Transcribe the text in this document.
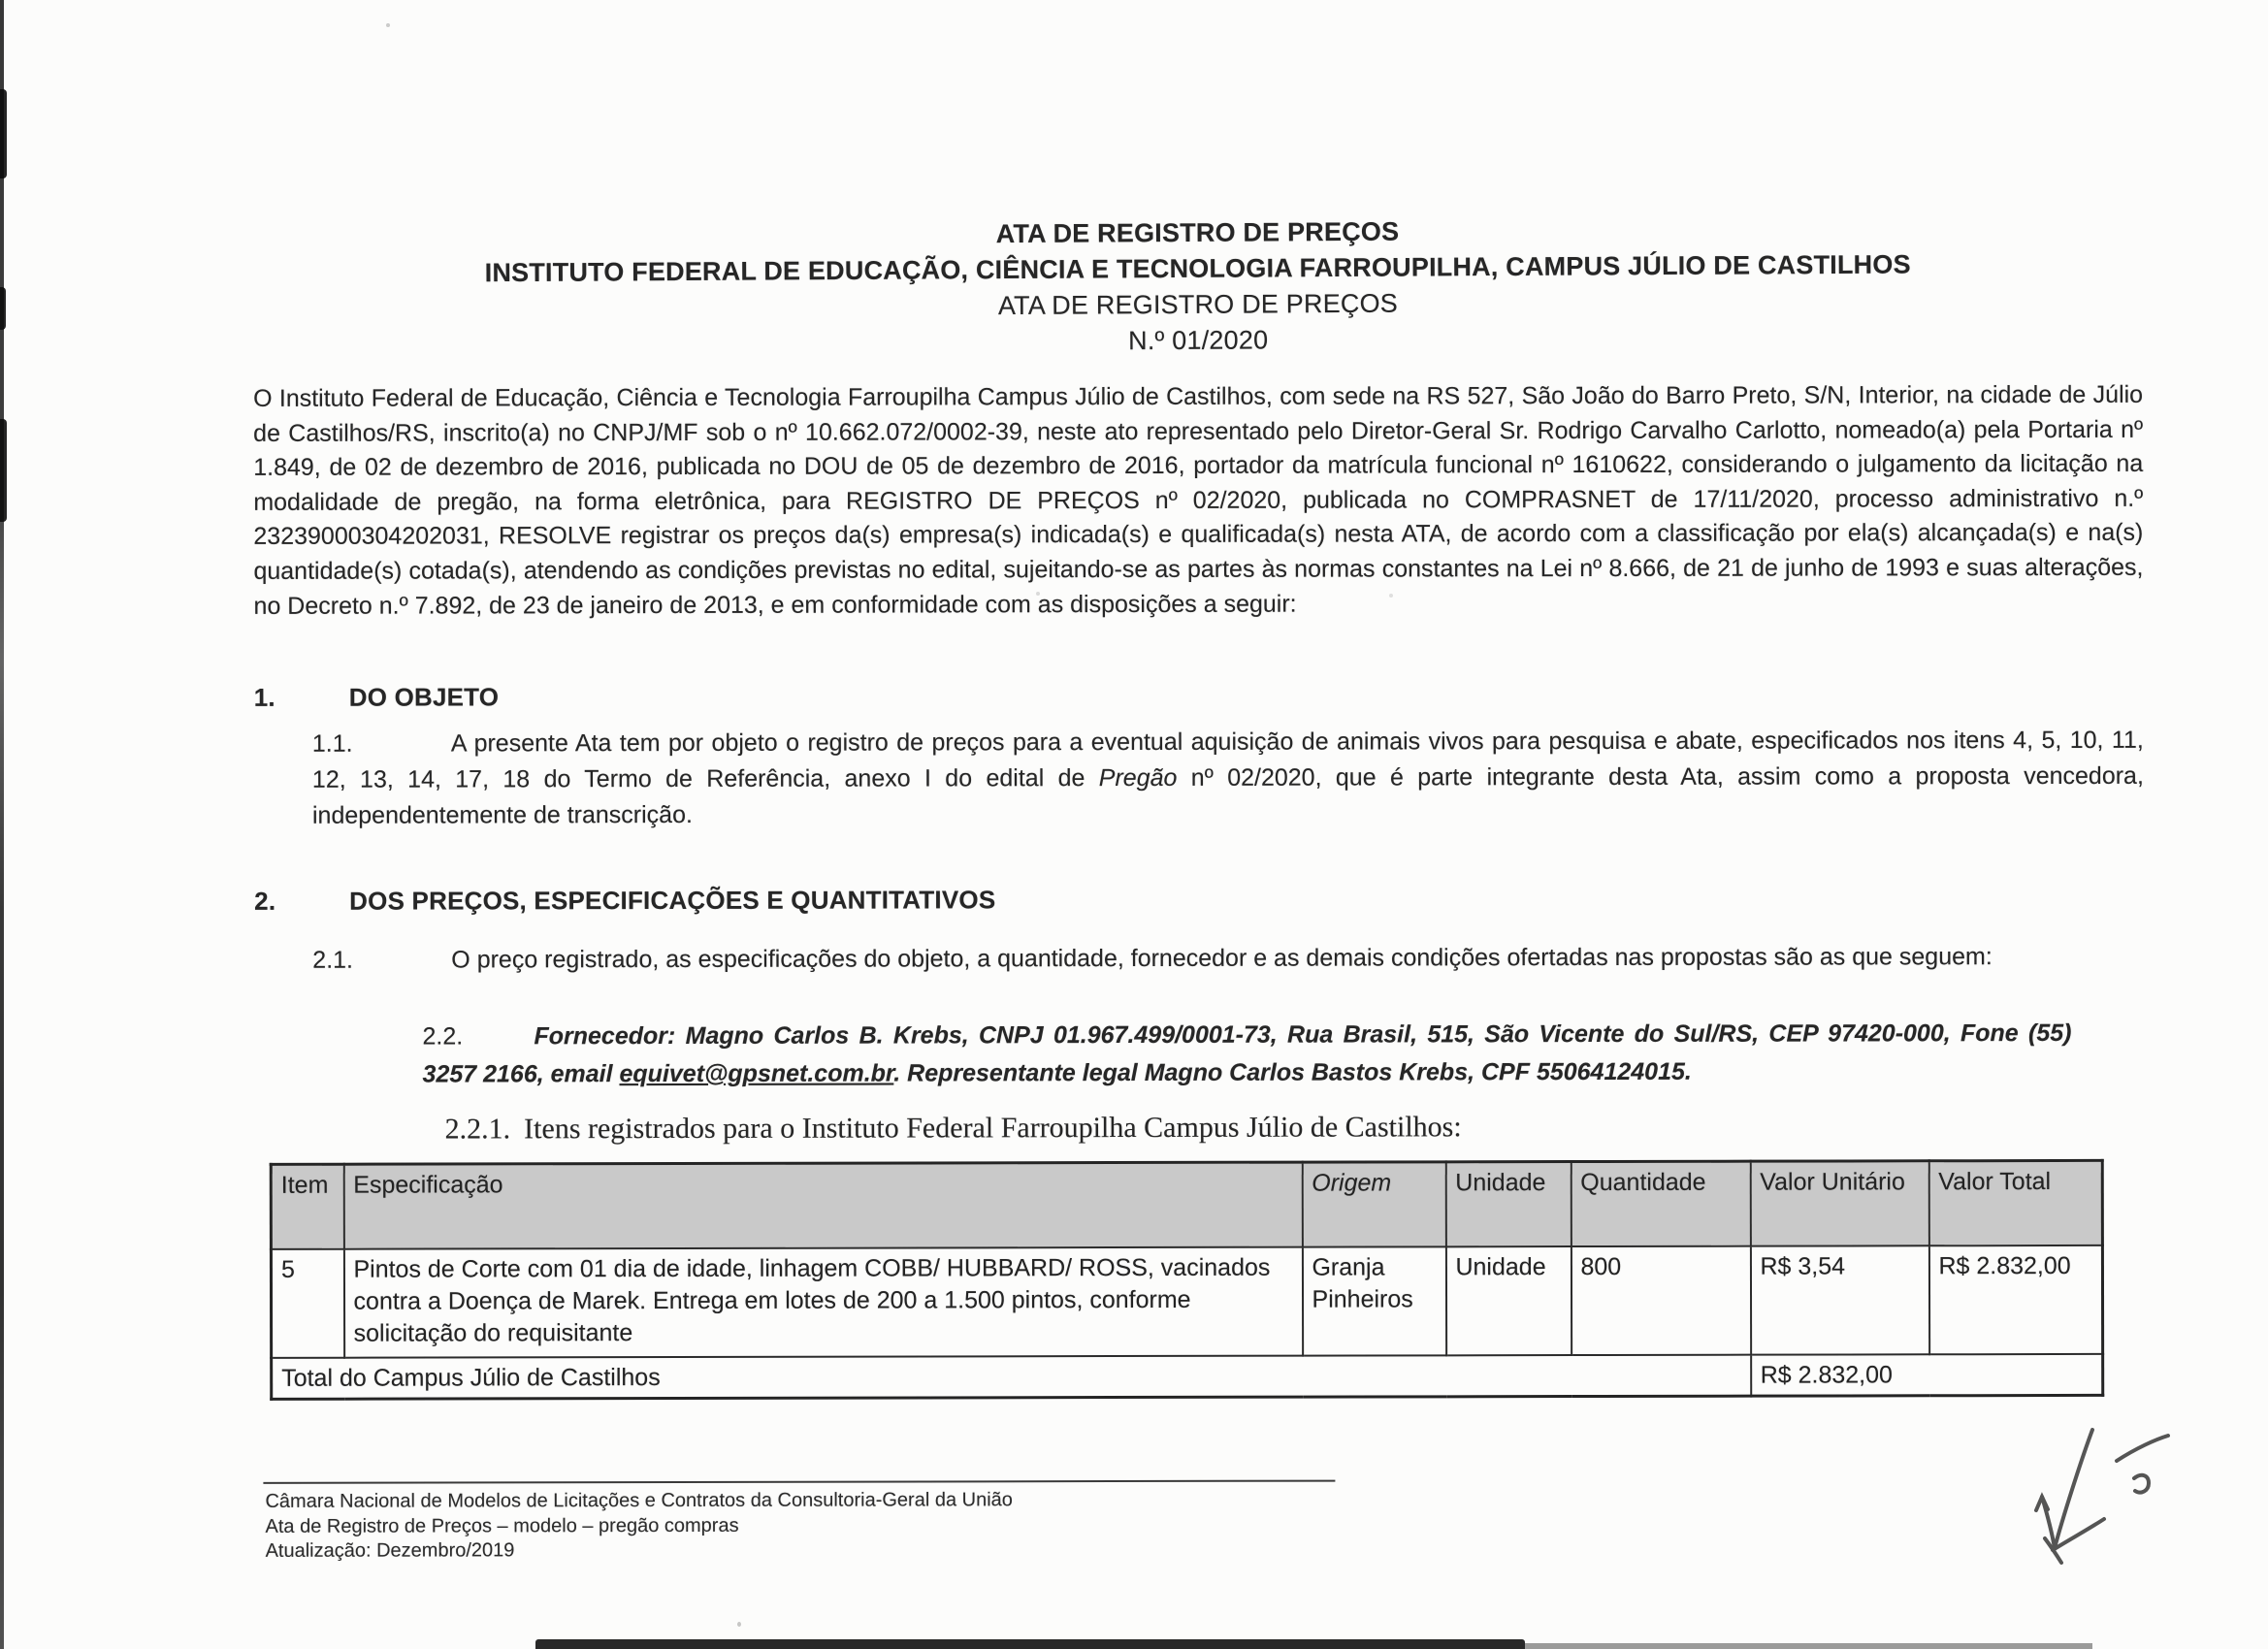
ATA DE REGISTRO DE PREÇOS
INSTITUTO FEDERAL DE EDUCAÇÃO, CIÊNCIA E TECNOLOGIA FARROUPILHA, CAMPUS JÚLIO DE CASTILHOS
ATA DE REGISTRO DE PREÇOS
N.º 01/2020

O Instituto Federal de Educação, Ciência e Tecnologia Farroupilha Campus Júlio de Castilhos, com sede na RS 527, São João do Barro Preto, S/N, Interior, na cidade de Júlio de Castilhos/RS, inscrito(a) no CNPJ/MF sob o nº 10.662.072/0002-39, neste ato representado pelo Diretor-Geral Sr. Rodrigo Carvalho Carlotto, nomeado(a) pela Portaria nº 1.849, de 02 de dezembro de 2016, publicada no DOU de 05 de dezembro de 2016, portador da matrícula funcional nº 1610622, considerando o julgamento da licitação na modalidade de pregão, na forma eletrônica, para REGISTRO DE PREÇOS nº 02/2020, publicada no COMPRASNET de 17/11/2020, processo administrativo n.º 23239000304202031, RESOLVE registrar os preços da(s) empresa(s) indicada(s) e qualificada(s) nesta ATA, de acordo com a classificação por ela(s) alcançada(s) e na(s) quantidade(s) cotada(s), atendendo as condições previstas no edital, sujeitando-se as partes às normas constantes na Lei nº 8.666, de 21 de junho de 1993 e suas alterações, no Decreto n.º 7.892, de 23 de janeiro de 2013, e em conformidade com as disposições a seguir:

1.	DO OBJETO

1.1.	A presente Ata tem por objeto o registro de preços para a eventual aquisição de animais vivos para pesquisa e abate, especificados nos itens 4, 5, 10, 11, 12, 13, 14, 17, 18 do Termo de Referência, anexo I do edital de Pregão nº 02/2020, que é parte integrante desta Ata, assim como a proposta vencedora, independentemente de transcrição.

2.	DOS PREÇOS, ESPECIFICAÇÕES E QUANTITATIVOS

2.1.	O preço registrado, as especificações do objeto, a quantidade, fornecedor e as demais condições ofertadas nas propostas são as que seguem:

2.2.	Fornecedor: Magno Carlos B. Krebs, CNPJ 01.967.499/0001-73, Rua Brasil, 515, São Vicente do Sul/RS, CEP 97420-000, Fone (55) 3257 2166, email equivet@gpsnet.com.br. Representante legal Magno Carlos Bastos Krebs, CPF 55064124015.

2.2.1. Itens registrados para o Instituto Federal Farroupilha Campus Júlio de Castilhos:

Item	Especificação	Origem	Unidade	Quantidade	Valor Unitário	Valor Total
5	Pintos de Corte com 01 dia de idade, linhagem COBB/ HUBBARD/ ROSS, vacinados contra a Doença de Marek. Entrega em lotes de 200 a 1.500 pintos, conforme solicitação do requisitante	Granja Pinheiros	Unidade	800	R$ 3,54	R$ 2.832,00
Total do Campus Júlio de Castilhos					R$ 2.832,00	
Câmara Nacional de Modelos de Licitações e Contratos da Consultoria-Geral da União
Ata de Registro de Preços – modelo – pregão compras
Atualização: Dezembro/2019
